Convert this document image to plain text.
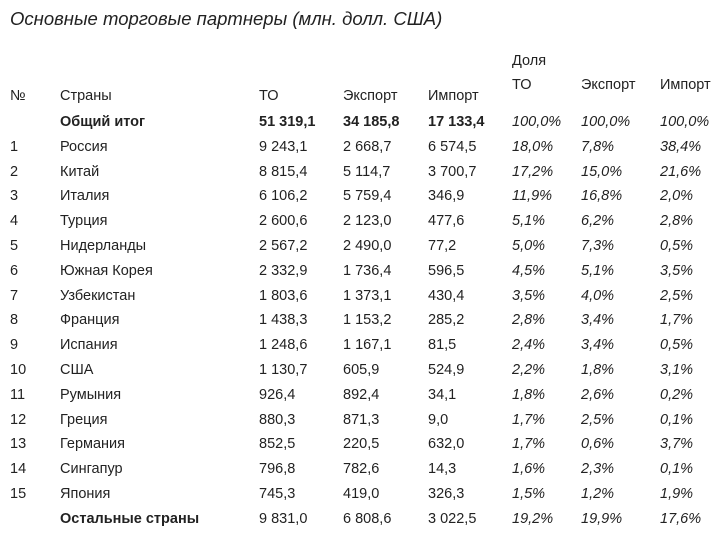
Основные торговые партнеры (млн. долл. США)
Доля
№	Страны	ТО	Экспорт	Импорт	ТО	Экспорт	Импорт
	Общий итог	51 319,1	34 185,8	17 133,4	100,0%	100,0%	100,0%
1	Россия	9 243,1	2 668,7	6 574,5	18,0%	7,8%	38,4%
2	Китай	8 815,4	5 114,7	3 700,7	17,2%	15,0%	21,6%
3	Италия	6 106,2	5 759,4	346,9	11,9%	16,8%	2,0%
4	Турция	2 600,6	2 123,0	477,6	5,1%	6,2%	2,8%
5	Нидерланды	2 567,2	2 490,0	77,2	5,0%	7,3%	0,5%
6	Южная Корея	2 332,9	1 736,4	596,5	4,5%	5,1%	3,5%
7	Узбекистан	1 803,6	1 373,1	430,4	3,5%	4,0%	2,5%
8	Франция	1 438,3	1 153,2	285,2	2,8%	3,4%	1,7%
9	Испания	1 248,6	1 167,1	81,5	2,4%	3,4%	0,5%
10	США	1 130,7	605,9	524,9	2,2%	1,8%	3,1%
11	Румыния	926,4	892,4	34,1	1,8%	2,6%	0,2%
12	Греция	880,3	871,3	9,0	1,7%	2,5%	0,1%
13	Германия	852,5	220,5	632,0	1,7%	0,6%	3,7%
14	Сингапур	796,8	782,6	14,3	1,6%	2,3%	0,1%
15	Япония	745,3	419,0	326,3	1,5%	1,2%	1,9%
	Остальные страны	9 831,0	6 808,6	3 022,5	19,2%	19,9%	17,6%
